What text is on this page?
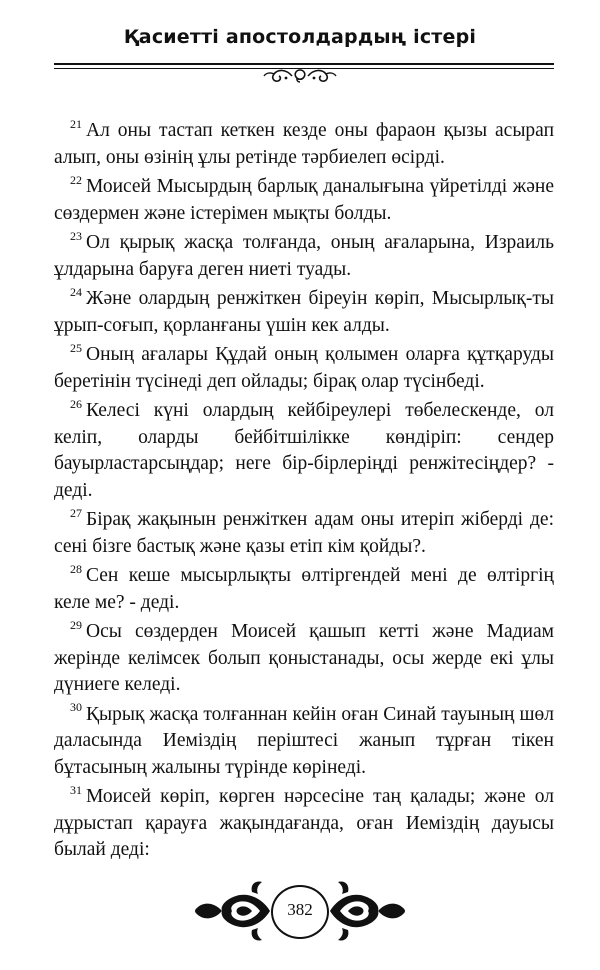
Қасиетті апостолдардың істері

$^{21}$ Ал оны тастап кеткен кезде оны фараон қызы асырап алып, оны өзінің ұлы ретінде тәрбиелеп өсірді.

$^{22}$ Моисей Мысырдың барлық даналығына үйретілді және сөздермен және істерімен мықты болды.

$^{23}$ Ол қырық жасқа толғанда, оның ағаларына, Израиль ұлдарына баруға деген ниеті туады.

$^{24}$ Және олардың ренжіткен біреуін көріп, Мысырлық-ты ұрып-соғып, қорланғаны үшін кек алды.

$^{25}$ Оның ағалары Құдай оның қолымен оларға құтқаруды беретінін түсінеді деп ойлады; бірақ олар түсінбеді.

$^{26}$ Келесі күні олардың кейбіреулері төбелескенде, ол келіп, оларды бейбітшілікке көндіріп: сендер бауырластарсыңдар; неге бір-бірлеріңді ренжітесіңдер? - деді.

$^{27}$ Бірақ жақынын ренжіткен адам оны итеріп жіберді де: сені бізге бастық және қазы етіп кім қойды?.

$^{28}$ Сен кеше мысырлықты өлтіргендей мені де өлтіргің келе ме? - деді.

$^{29}$ Осы сөздерден Моисей қашып кетті және Мадиам жерінде келімсек болып қоныстанады, осы жерде екі ұлы дүниеге келеді.

$^{30}$ Қырық жасқа толғаннан кейін оған Синай тауының шөл даласында Иеміздің періштесі жанып тұрған тікен бұтасының жалыны түрінде көрінеді.

$^{31}$ Моисей көріп, көрген нәрсесіне таң қалады; және ол дұрыстап қарауға жақындағанда, оған Иеміздің дауысы былай деді:

382
